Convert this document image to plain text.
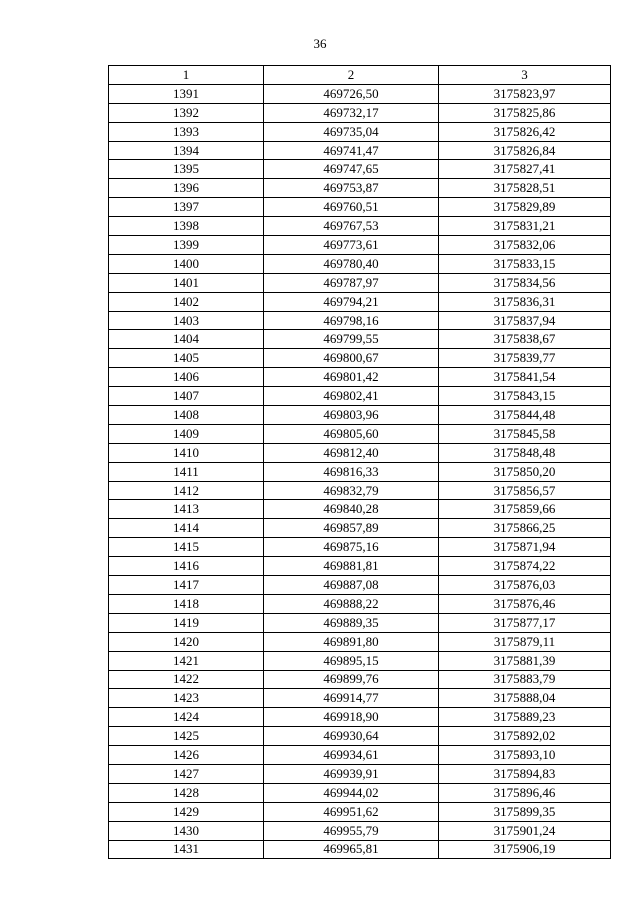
36
1	2	3
1391	469726,50	3175823,97
1392	469732,17	3175825,86
1393	469735,04	3175826,42
1394	469741,47	3175826,84
1395	469747,65	3175827,41
1396	469753,87	3175828,51
1397	469760,51	3175829,89
1398	469767,53	3175831,21
1399	469773,61	3175832,06
1400	469780,40	3175833,15
1401	469787,97	3175834,56
1402	469794,21	3175836,31
1403	469798,16	3175837,94
1404	469799,55	3175838,67
1405	469800,67	3175839,77
1406	469801,42	3175841,54
1407	469802,41	3175843,15
1408	469803,96	3175844,48
1409	469805,60	3175845,58
1410	469812,40	3175848,48
1411	469816,33	3175850,20
1412	469832,79	3175856,57
1413	469840,28	3175859,66
1414	469857,89	3175866,25
1415	469875,16	3175871,94
1416	469881,81	3175874,22
1417	469887,08	3175876,03
1418	469888,22	3175876,46
1419	469889,35	3175877,17
1420	469891,80	3175879,11
1421	469895,15	3175881,39
1422	469899,76	3175883,79
1423	469914,77	3175888,04
1424	469918,90	3175889,23
1425	469930,64	3175892,02
1426	469934,61	3175893,10
1427	469939,91	3175894,83
1428	469944,02	3175896,46
1429	469951,62	3175899,35
1430	469955,79	3175901,24
1431	469965,81	3175906,19
